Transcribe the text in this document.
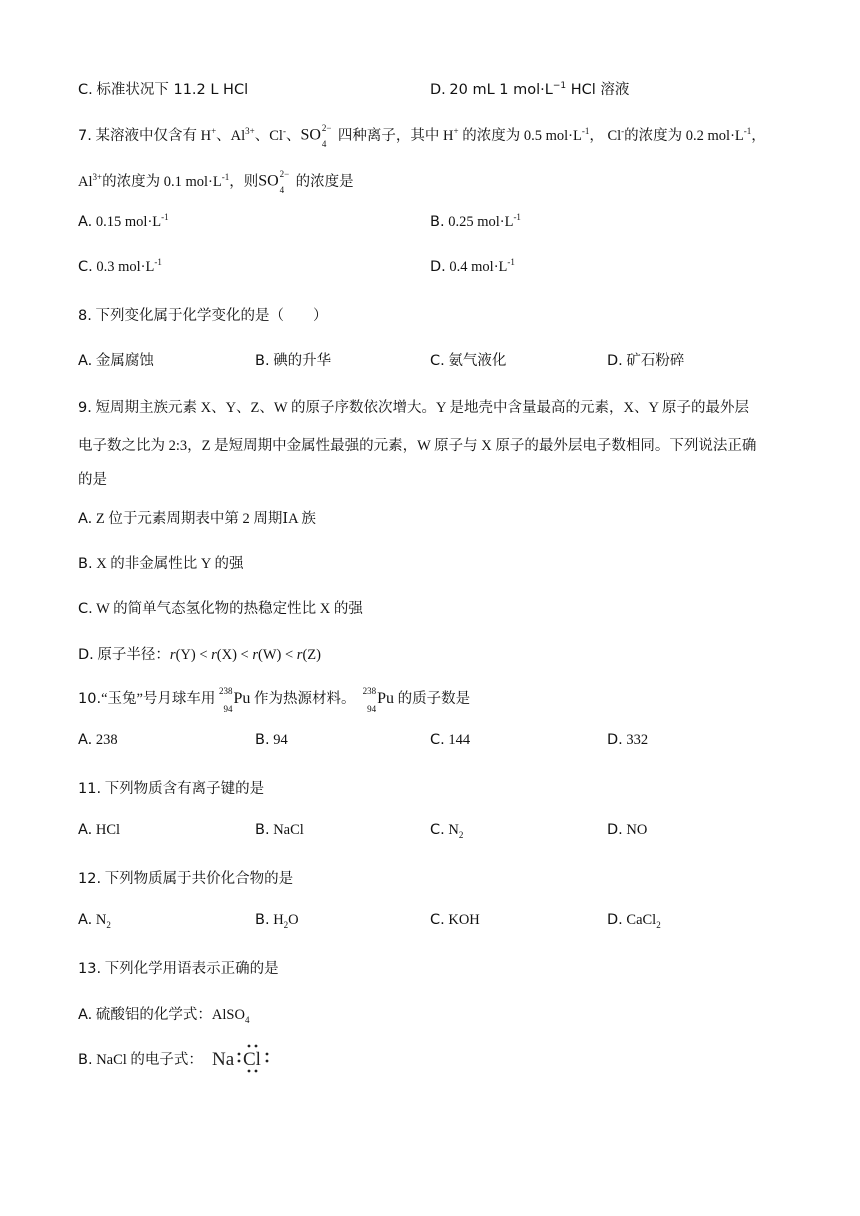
C. 标准状况下 11.2 L HCl	D. 20 mL 1 $mol\cdot L^{-1}$ HCl 溶液
7. 某溶液中仅含有 H+、$Al^{3+}$、Cl-、SO 2−
4
四种离子，其中 H+ 的浓度为 0.5 $mol\cdot L^{-1}$， Cl-的浓度为 0.2 $mol\cdot L^{-1}$，
$Al^{3+}$的浓度为 0.1 $mol\cdot L^{-1}$，则SO 2−
4
的浓度是
A. 0.15 $mol\cdot L^{-1}$	B. 0.25 $mol\cdot L^{-1}$
C. 0.3 $mol\cdot L^{-1}$	D. 0.4 $mol\cdot L^{-1}$
8. 下列变化属于化学变化的是（　　）
A. 金属腐蚀	B. 碘的升华	C. 氨气液化	D. 矿石粉碎
9. 短周期主族元素 X、Y、Z、W 的原子序数依次增大。Y 是地壳中含量最高的元素，X、Y 原子的最外层
电子数之比为 2:3，Z 是短周期中金属性最强的元素，W 原子与 X 原子的最外层电子数相同。下列说法正确
的是
A. Z 位于元素周期表中第 2 周期ⅠA 族
B. X 的非金属性比 Y 的强
C. W 的简单气态氢化物的热稳定性比 X 的强
D. 原子半径：r(Y) < r(X) < r(W) < r(Z)
10.“玉兔”号月球车用
238
94
Pu 作为热源材料。
238
94
Pu 的质子数是
A. 238	B. 94	C. 144	D. 332
11. 下列物质含有离子键的是
A. HCl	B. NaCl	C. $N_2$	D. NO
12. 下列物质属于共价化合物的是
A. $N_2$	B. $H_2O$	C. KOH	D. CaCl$_2$
13. 下列化学用语表示正确的是
A. 硫酸铝的化学式：AlSO$_4$
B. NaCl 的电子式： Na Cl
